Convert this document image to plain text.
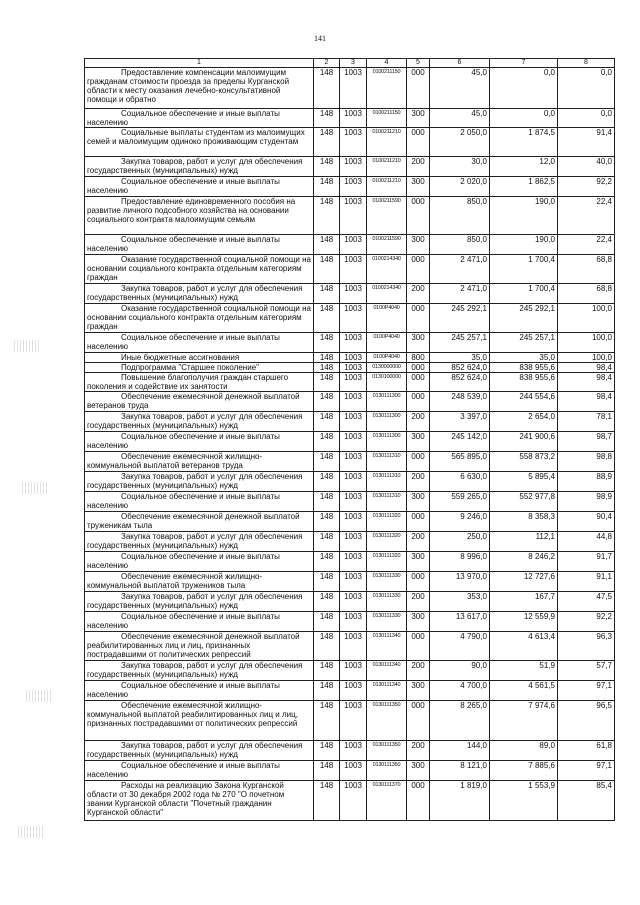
141
1	2	3	4	5	6	7	8
Предоставление компенсации малоимущим гражданам стоимости проезда за пределы Курганской области к месту оказания лечебно-консультативной помощи и обратно	148	1003	0100211150	000	45,0	0,0	0,0
Социальное обеспечение и иные выплаты населению	148	1003	0100211150	300	45,0	0,0	0,0
Социальные выплаты студентам из малоимущих семей и малоимущим одиноко проживающим студентам	148	1003	0100211210	000	2 050,0	1 874,5	91,4
Закупка товаров, работ и услуг для обеспечения государственных (муниципальных) нужд	148	1003	0100211210	200	30,0	12,0	40,0
Социальное обеспечение и иные выплаты населению	148	1003	0100211210	300	2 020,0	1 862,5	92,2
Предоставление единовременного пособия на развитие личного подсобного хозяйства на основании социального контракта малоимущим семьям	148	1003	0100211590	000	850,0	190,0	22,4
Социальное обеспечение и иные выплаты населению	148	1003	0100211590	300	850,0	190,0	22,4
Оказание государственной социальной помощи на основании социального контракта отдельным категориям граждан	148	1003	0100214340	000	2 471,0	1 700,4	68,8
Закупка товаров, работ и услуг для обеспечения государственных (муниципальных) нужд	148	1003	0100214340	200	2 471,0	1 700,4	68,8
Оказание государственной социальной помощи на основании социального контракта отдельным категориям граждан	148	1003	0100Р4040	000	245 292,1	245 292,1	100,0
Социальное обеспечение и иные выплаты населению	148	1003	0100Р4040	300	245 257,1	245 257,1	100,0
Иные бюджетные ассигнования	148	1003	0100Р4040	800	35,0	35,0	100,0
Подпрограмма "Старшее поколение"	148	1003	0130000000	000	852 624,0	838 955,6	98,4
Повышение благополучия граждан старшего поколения и содействие их занятости	148	1003	0130100000	000	852 624,0	838 955,6	98,4
Обеспечение ежемесячной денежной выплатой ветеранов труда	148	1003	0130111300	000	248 539,0	244 554,6	98,4
Закупка товаров, работ и услуг для обеспечения государственных (муниципальных) нужд	148	1003	0130111300	200	3 397,0	2 654,0	78,1
Социальное обеспечение и иные выплаты населению	148	1003	0130111300	300	245 142,0	241 900,6	98,7
Обеспечение ежемесячной жилищно-коммунальной выплатой ветеранов труда	148	1003	0130111310	000	565 895,0	558 873,2	98,8
Закупка товаров, работ и услуг для обеспечения государственных (муниципальных) нужд	148	1003	0130111310	200	6 630,0	5 895,4	88,9
Социальное обеспечение и иные выплаты населению	148	1003	0130111310	300	559 265,0	552 977,8	98,9
Обеспечение ежемесячной денежной выплатой труженикам тыла	148	1003	0130111320	000	9 246,0	8 358,3	90,4
Закупка товаров, работ и услуг для обеспечения государственных (муниципальных) нужд	148	1003	0130111320	200	250,0	112,1	44,8
Социальное обеспечение и иные выплаты населению	148	1003	0130111320	300	8 996,0	8 246,2	91,7
Обеспечение ежемесячной жилищно-коммунальной выплатой тружеников тыла	148	1003	0130111330	000	13 970,0	12 727,6	91,1
Закупка товаров, работ и услуг для обеспечения государственных (муниципальных) нужд	148	1003	0130111330	200	353,0	167,7	47,5
Социальное обеспечение и иные выплаты населению	148	1003	0130111330	300	13 617,0	12 559,9	92,2
Обеспечение ежемесячной денежной выплатой реабилитированных лиц и лиц, признанных пострадавшими от политических репрессий	148	1003	0130111340	000	4 790,0	4 613,4	96,3
Закупка товаров, работ и услуг для обеспечения государственных (муниципальных) нужд	148	1003	0130111340	200	90,0	51,9	57,7
Социальное обеспечение и иные выплаты населению	148	1003	0130111340	300	4 700,0	4 561,5	97,1
Обеспечение ежемесячной жилищно-коммунальной выплатой реабилитированных лиц и лиц, признанных пострадавшими от политических репрессий	148	1003	0130111350	000	8 265,0	7 974,6	96,5
Закупка товаров, работ и услуг для обеспечения государственных (муниципальных) нужд	148	1003	0130111350	200	144,0	89,0	61,8
Социальное обеспечение и иные выплаты населению	148	1003	0130111350	300	8 121,0	7 885,6	97,1
Расходы на реализацию Закона Курганской области от 30 декабря 2002 года № 270 "О почетном звании Курганской области "Почетный гражданин Курганской области"	148	1003	0130111370	000	1 819,0	1 553,9	85,4
